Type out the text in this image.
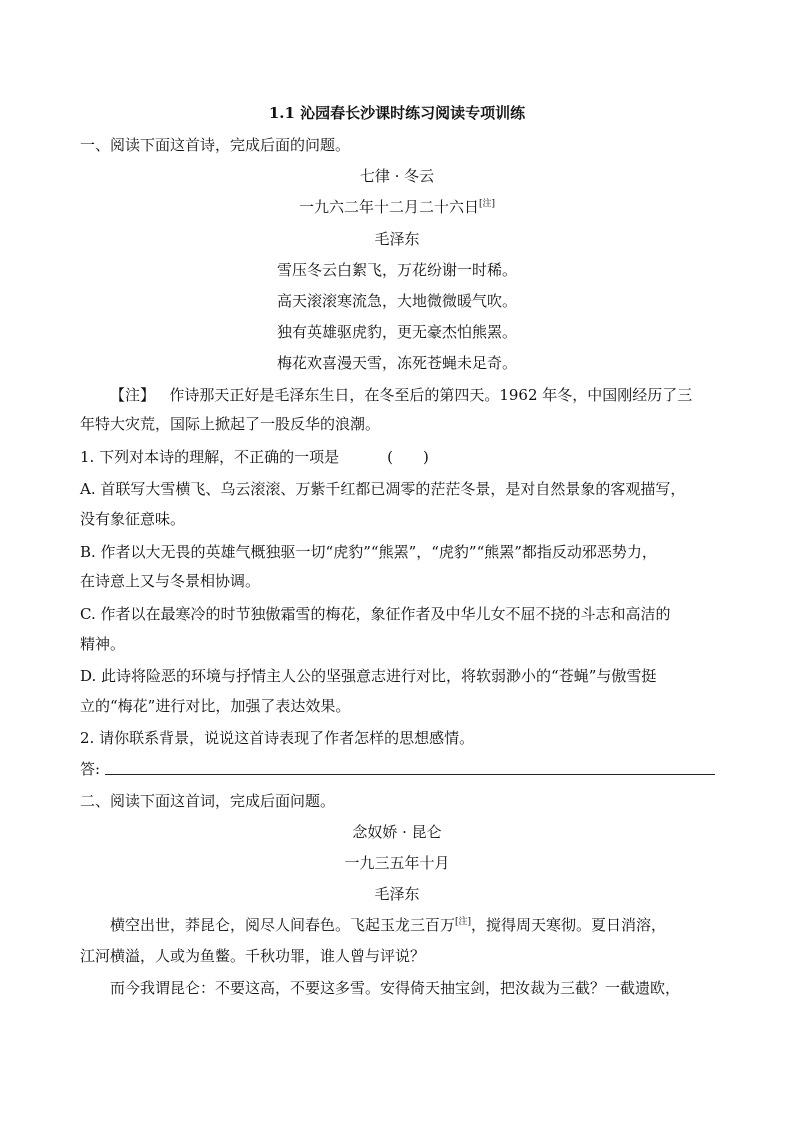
1.1 沁园春长沙课时练习阅读专项训练
一、阅读下面这首诗，完成后面的问题。
七律 · 冬云
一九六二年十二月二十六日[注]
毛泽东
雪压冬云白絮飞，万花纷谢一时稀。
高天滚滚寒流急，大地微微暖气吹。
独有英雄驱虎豹，更无豪杰怕熊罴。
梅花欢喜漫天雪，冻死苍蝇未足奇。
【注】 作诗那天正好是毛泽东生日，在冬至后的第四天。1962 年冬，中国刚经历了三
年特大灾荒，国际上掀起了一股反华的浪潮。
1. 下列对本诗的理解，不正确的一项是	(　　)
A. 首联写大雪横飞、乌云滚滚、万紫千红都已凋零的茫茫冬景，是对自然景象的客观描写，
没有象征意味。
B. 作者以大无畏的英雄气概独驱一切“虎豹”“熊罴”，“虎豹”“熊罴”都指反动邪恶势力，
在诗意上又与冬景相协调。
C. 作者以在最寒冷的时节独傲霜雪的梅花，象征作者及中华儿女不屈不挠的斗志和高洁的
精神。
D. 此诗将险恶的环境与抒情主人公的坚强意志进行对比，将软弱渺小的“苍蝇”与傲雪挺
立的“梅花”进行对比，加强了表达效果。
2. 请你联系背景，说说这首诗表现了作者怎样的思想感情。
答:
二、阅读下面这首词，完成后面问题。
念奴娇 · 昆仑
一九三五年十月
毛泽东
横空出世，莽昆仑，阅尽人间春色。飞起玉龙三百万[注]，搅得周天寒彻。夏日消溶，
江河横溢，人或为鱼鳖。千秋功罪，谁人曾与评说？
而今我谓昆仑：不要这高，不要这多雪。安得倚天抽宝剑，把汝裁为三截？一截遗欧，
